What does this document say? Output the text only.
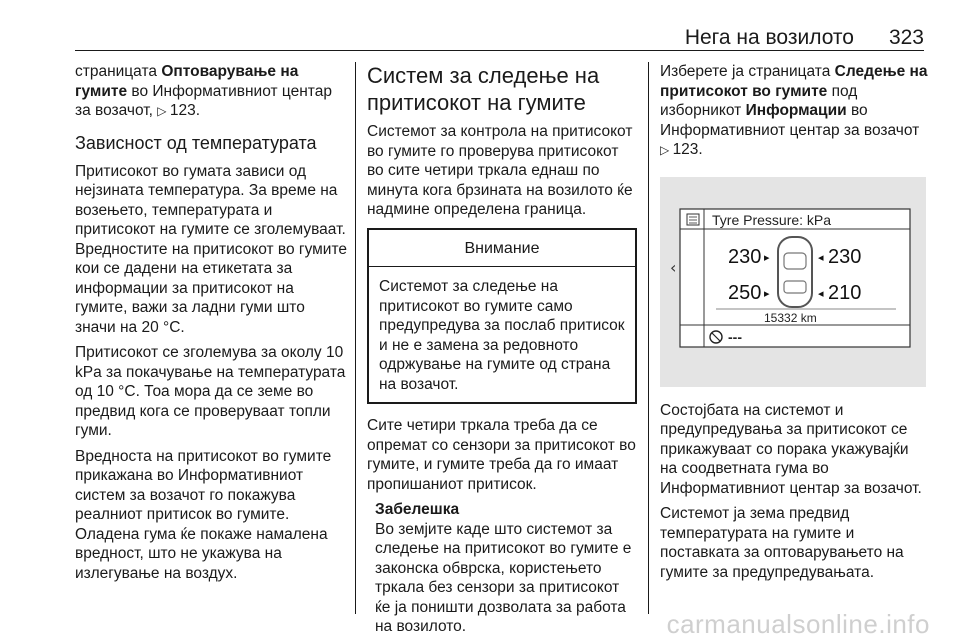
Нега на возилото 323

страницата Оптоварување на гумите во Информативниот центар за возачот, ▷ 123.

Зависност од температурата

Притисокот во гумата зависи од нејзината температура. За време на возењето, температурата и притисокот на гумите се зголемуваат. Вредностите на притисокот во гумите кои се дадени на етикетата за информации за притисокот на гумите, важи за ладни гуми што значи на 20 °C.

Притисокот се зголемува за околу 10 kPa за покачување на температурата од 10 °C. Тоа мора да се земе во предвид кога се проверуваат топли гуми.

Вредноста на притисокот во гумите прикажана во Информативниот систем за возачот го покажува реалниот притисок во гумите. Оладена гума ќе покаже намалена вредност, што не укажува на излегување на воздух.

Систем за следење на притисокот на гумите

Системот за контрола на притисокот во гумите го проверува притисокот во сите четири тркала еднаш по минута кога брзината на возилото ќе надмине определена граница.

Внимание
Системот за следење на притисокот во гумите само предупредува за послаб притисок и не е замена за редовното одржување на гумите од страна на возачот.

Сите четири тркала треба да се опремат со сензори за притисокот во гумите, и гумите треба да го имаат пропишаниот притисок.

Забелешка
Во земјите каде што системот за следење на притисокот во гумите е законска обврска, користењето тркала без сензори за притисокот ќе ја поништи дозволата за работа на возилото.

Изберете ја страницата Следење на притисокот во гумите под изборникот Информации во Информативниот центар за возачот ▷ 123.

‹
Tyre Pressure: kPa
230 ▸	◂ 230
250 ▸	◂ 210
15332 km
---

Состојбата на системот и предупредувања за притисокот се прикажуваат со порака укажувајќи на соодветната гума во Информативниот центар за возачот.

Системот ја зема предвид температурата на гумите и поставката за оптоварувањето на гумите за предупредувањата.

carmanualsonline.info
